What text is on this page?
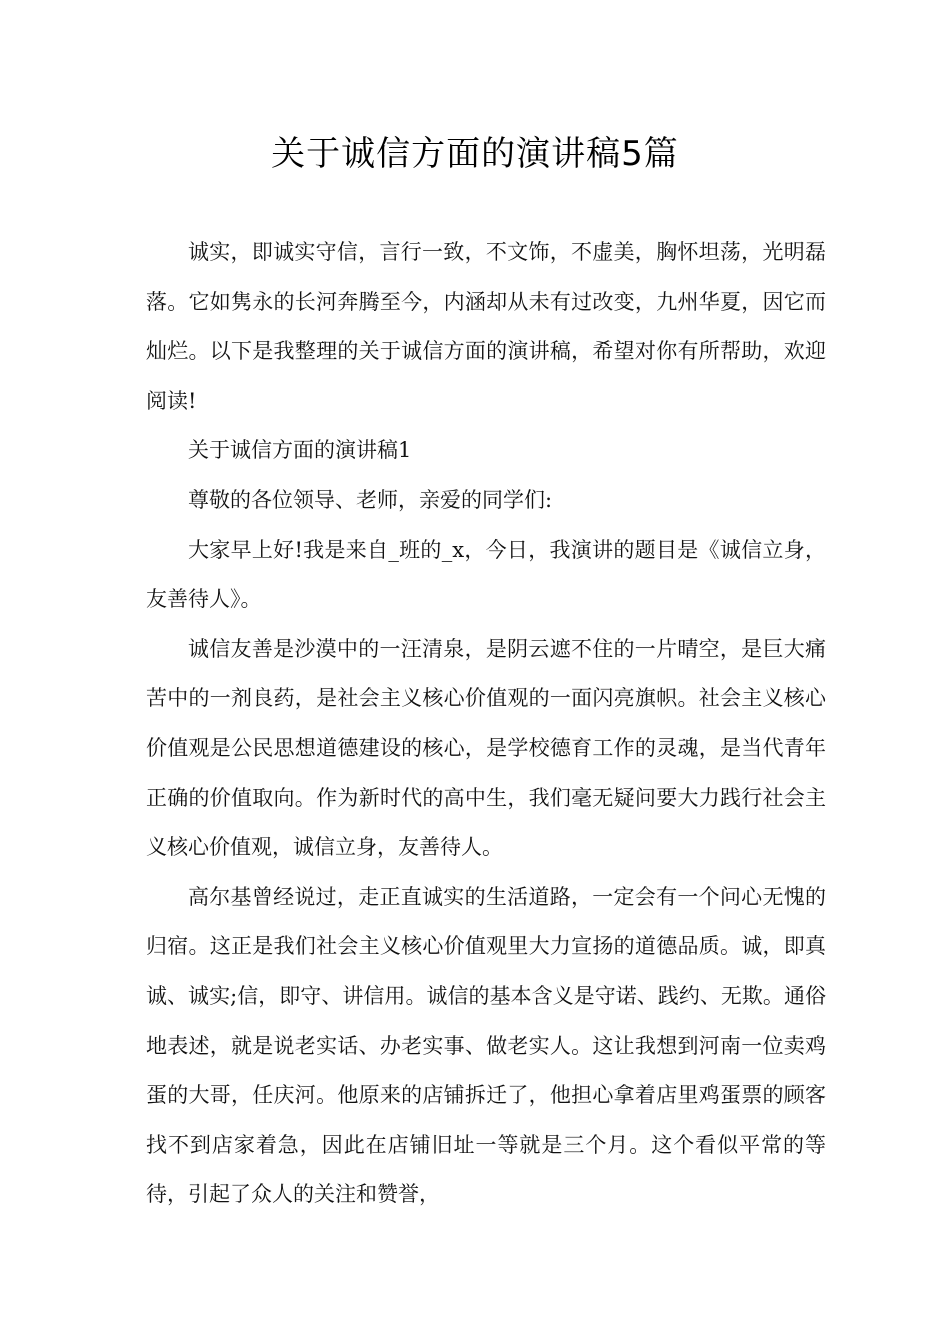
关于诚信方面的演讲稿5篇

诚实，即诚实守信，言行一致，不文饰，不虚美，胸怀坦荡，光明磊落。它如隽永的长河奔腾至今，内涵却从未有过改变，九州华夏，因它而灿烂。以下是我整理的关于诚信方面的演讲稿，希望对你有所帮助，欢迎阅读!

关于诚信方面的演讲稿1

尊敬的各位领导、老师，亲爱的同学们:

大家早上好!我是来自_班的_x，今日，我演讲的题目是《诚信立身，友善待人》。

诚信友善是沙漠中的一汪清泉，是阴云遮不住的一片晴空，是巨大痛苦中的一剂良药，是社会主义核心价值观的一面闪亮旗帜。社会主义核心价值观是公民思想道德建设的核心，是学校德育工作的灵魂，是当代青年正确的价值取向。作为新时代的高中生，我们毫无疑问要大力践行社会主义核心价值观，诚信立身，友善待人。

高尔基曾经说过，走正直诚实的生活道路，一定会有一个问心无愧的归宿。这正是我们社会主义核心价值观里大力宣扬的道德品质。诚，即真诚、诚实;信，即守、讲信用。诚信的基本含义是守诺、践约、无欺。通俗地表述，就是说老实话、办老实事、做老实人。这让我想到河南一位卖鸡蛋的大哥，任庆河。他原来的店铺拆迁了，他担心拿着店里鸡蛋票的顾客找不到店家着急，因此在店铺旧址一等就是三个月。这个看似平常的等待，引起了众人的关注和赞誉，
